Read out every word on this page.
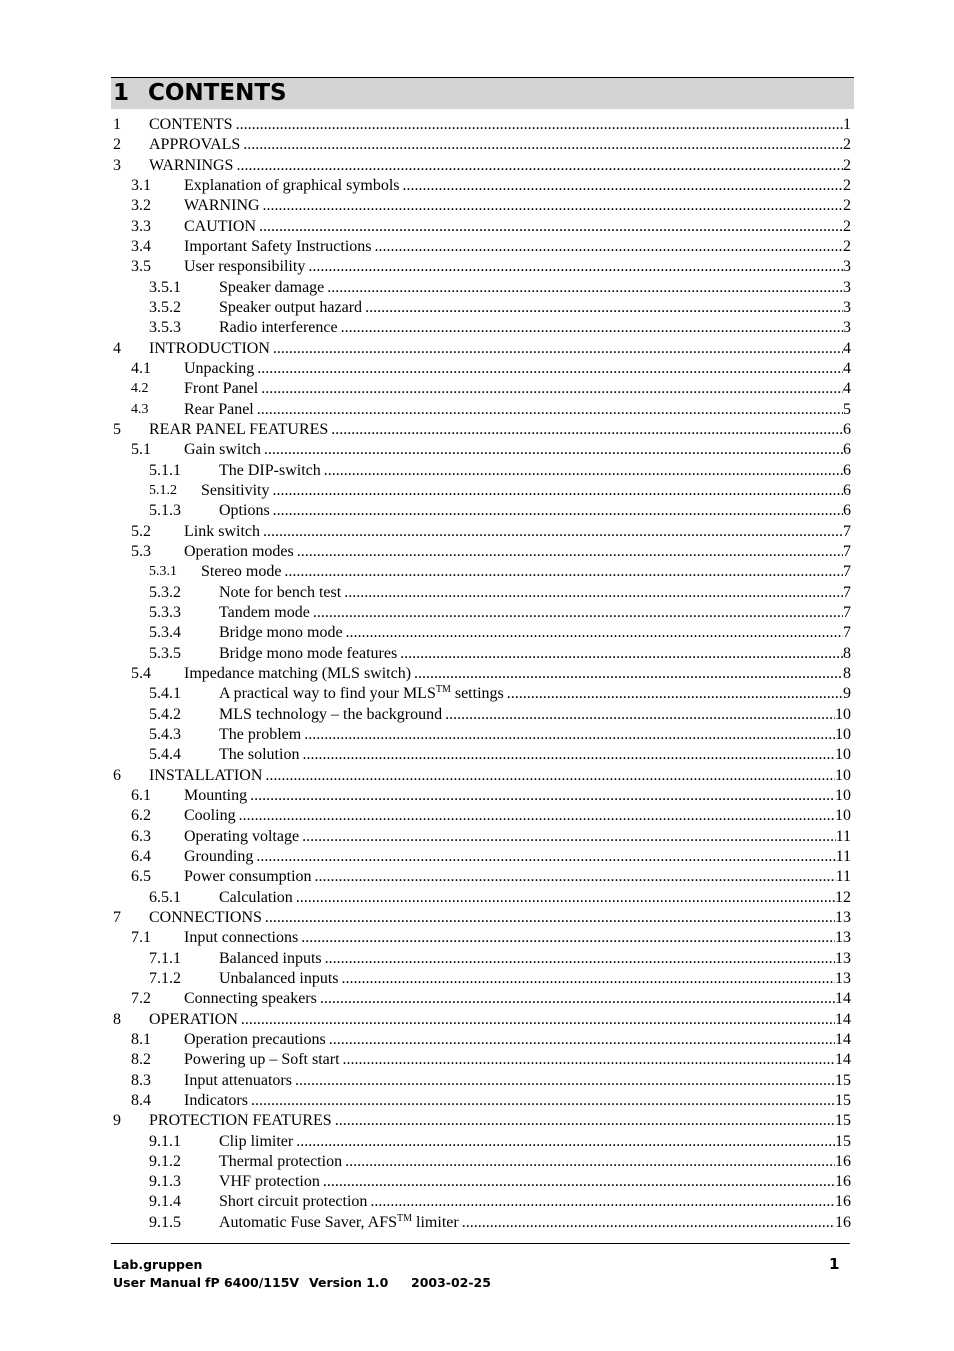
1 CONTENTS
1 CONTENTS .....	1
2 APPROVALS .....	2
3 WARNINGS .....	2
3.1 Explanation of graphical symbols .....	2
3.2 WARNING .....	2
3.3 CAUTION .....	2
3.4 Important Safety Instructions .....	2
3.5 User responsibility .....	3
3.5.1 Speaker damage .....	3
3.5.2 Speaker output hazard .....	3
3.5.3 Radio interference .....	3
4 INTRODUCTION .....	4
4.1 Unpacking .....	4
4.2 Front Panel .....	4
4.3 Rear Panel .....	5
5 REAR PANEL FEATURES .....	6
5.1 Gain switch .....	6
5.1.1 The DIP-switch .....	6
5.1.2 Sensitivity .....	6
5.1.3 Options .....	6
5.2 Link switch .....	7
5.3 Operation modes .....	7
5.3.1 Stereo mode .....	7
5.3.2 Note for bench test .....	7
5.3.3 Tandem mode .....	7
5.3.4 Bridge mono mode .....	7
5.3.5 Bridge mono mode features .....	8
5.4 Impedance matching (MLS switch) .....	8
5.4.1 A practical way to find your MLS™ settings .....	9
5.4.2 MLS technology – the background .....	10
5.4.3 The problem .....	10
5.4.4 The solution .....	10
6 INSTALLATION .....	10
6.1 Mounting .....	10
6.2 Cooling .....	10
6.3 Operating voltage .....	11
6.4 Grounding .....	11
6.5 Power consumption .....	11
6.5.1 Calculation .....	12
7 CONNECTIONS .....	13
7.1 Input connections .....	13
7.1.1 Balanced inputs .....	13
7.1.2 Unbalanced inputs .....	13
7.2 Connecting speakers .....	14
8 OPERATION .....	14
8.1 Operation precautions .....	14
8.2 Powering up – Soft start .....	14
8.3 Input attenuators .....	15
8.4 Indicators .....	15
9 PROTECTION FEATURES .....	15
9.1.1 Clip limiter .....	15
9.1.2 Thermal protection .....	16
9.1.3 VHF protection .....	16
9.1.4 Short circuit protection .....	16
9.1.5 Automatic Fuse Saver, AFS™ limiter .....	16
Lab.gruppen
User Manual fP 6400/115V Version 1.0 2003-02-25
1
